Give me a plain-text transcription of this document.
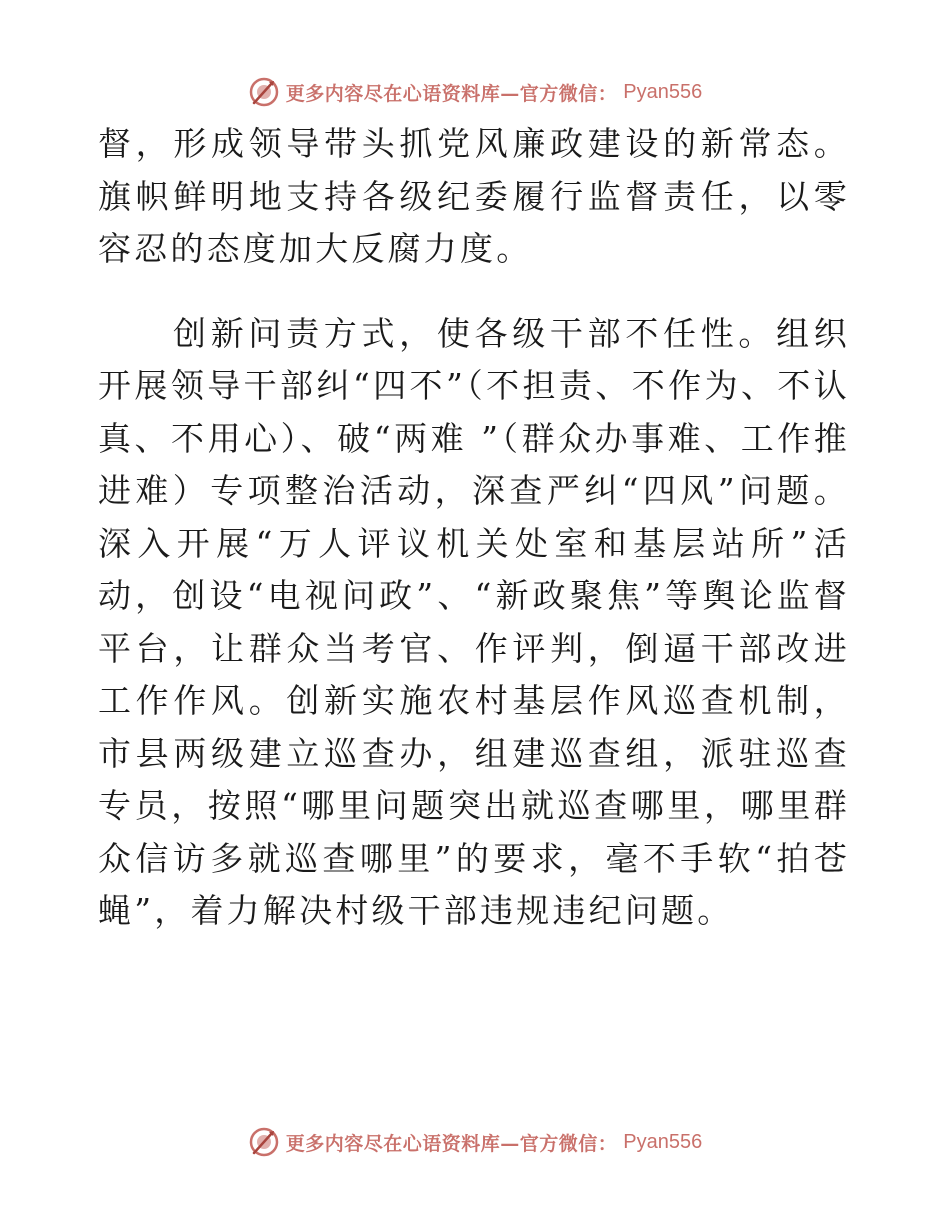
更多内容尽在心语资料库—官方微信： Pyan556

督，形成领导带头抓党风廉政建设的新常态。旗帜鲜明地支持各级纪委履行监督责任，以零容忍的态度加大反腐力度。

创新问责方式，使各级干部不任性。组织开展领导干部纠“四不”（不担责、不作为、不认真、不用心）、破“两难 ”（群众办事难、工作推进难）专项整治活动，深查严纠“四风”问题。深入开展“万人评议机关处室和基层站所”活动，创设“电视问政”、“新政聚焦”等舆论监督平台，让群众当考官、作评判，倒逼干部改进工作作风。创新实施农村基层作风巡查机制，市县两级建立巡查办，组建巡查组，派驻巡查专员，按照“哪里问题突出就巡查哪里，哪里群众信访多就巡查哪里”的要求，毫不手软“拍苍蝇”，着力解决村级干部违规违纪问题。

更多内容尽在心语资料库—官方微信： Pyan556
